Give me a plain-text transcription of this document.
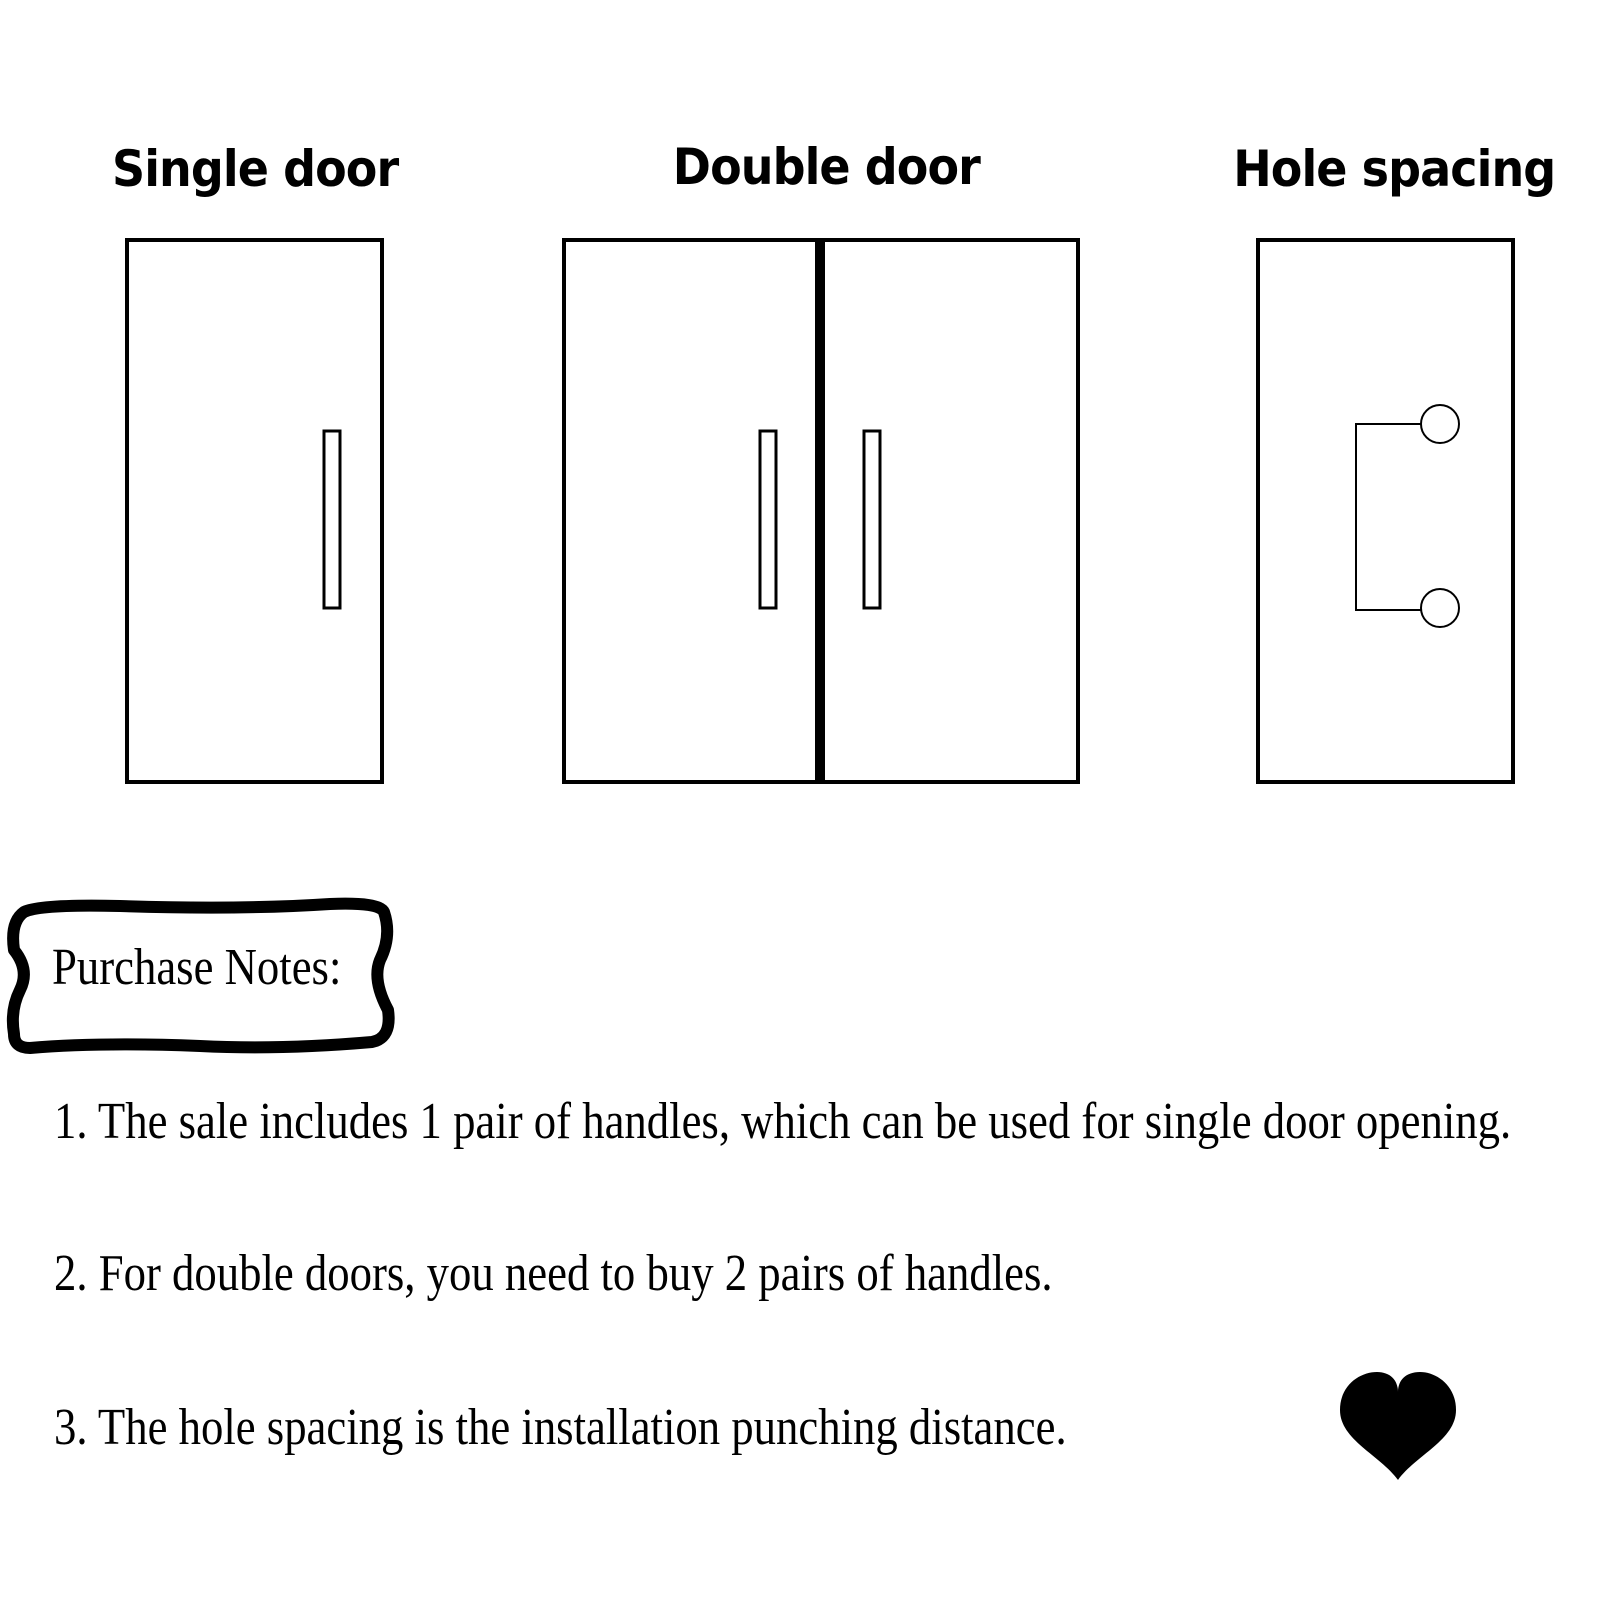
Single door	Double door	Hole spacing
Purchase Notes:
1. The sale includes 1 pair of handles, which can be used for single door opening.
2. For double doors, you need to buy 2 pairs of handles.
3. The hole spacing is the installation punching distance.
